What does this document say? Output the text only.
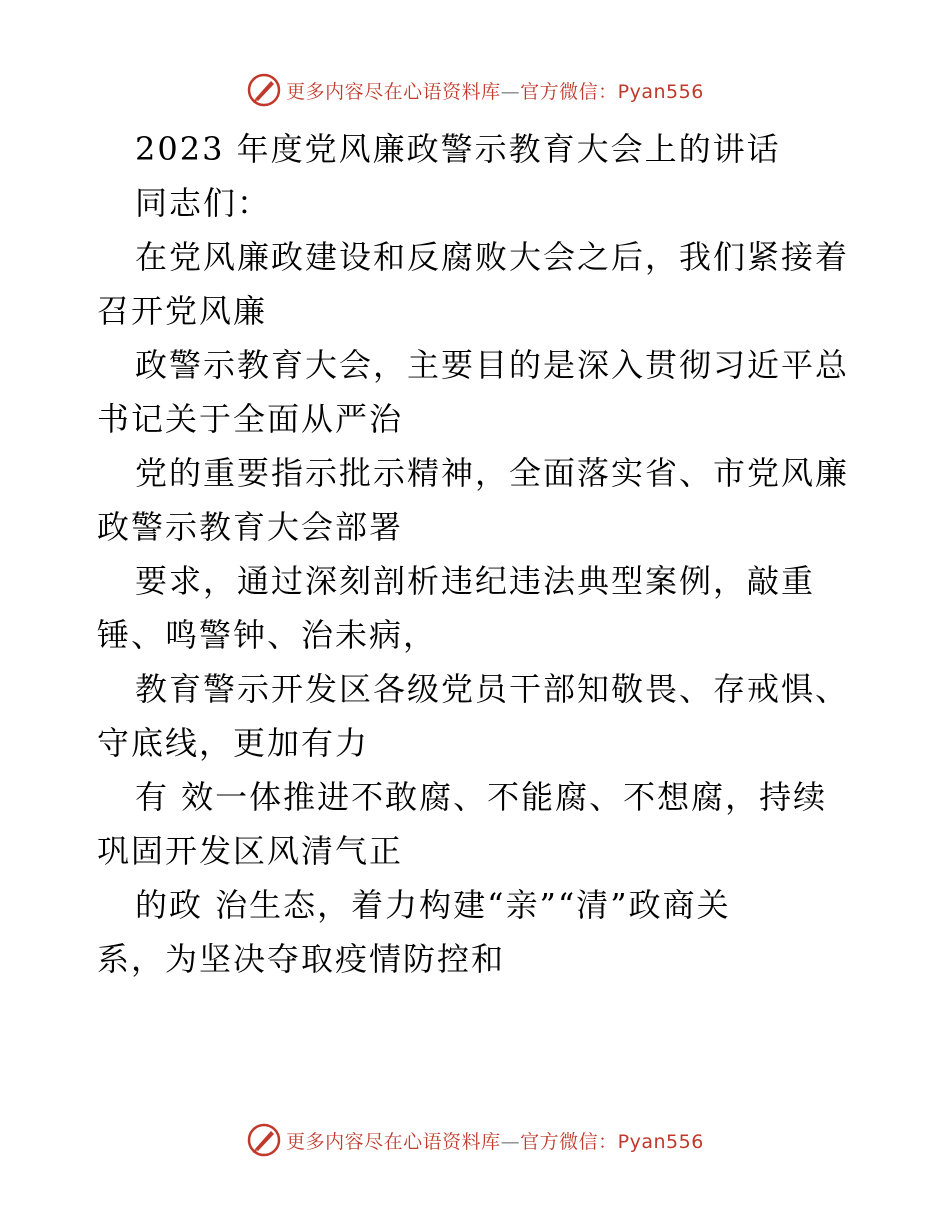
更多内容尽在心语资料库—官方微信：Pyan556
2023 年度党风廉政警示教育大会上的讲话
同志们：
在党风廉政建设和反腐败大会之后，我们紧接着
召开党风廉
政警示教育大会，主要目的是深入贯彻习近平总
书记关于全面从严治
党的重要指示批示精神，全面落实省、市党风廉
政警示教育大会部署
要求，通过深刻剖析违纪违法典型案例，敲重
锤、鸣警钟、治未病，
教育警示开发区各级党员干部知敬畏、存戒惧、
守底线，更加有力
有 效一体推进不敢腐、不能腐、不想腐，持续
巩固开发区风清气正
的政 治生态，着力构建“亲”“清”政商关
系，为坚决夺取疫情防控和
更多内容尽在心语资料库—官方微信：Pyan556
